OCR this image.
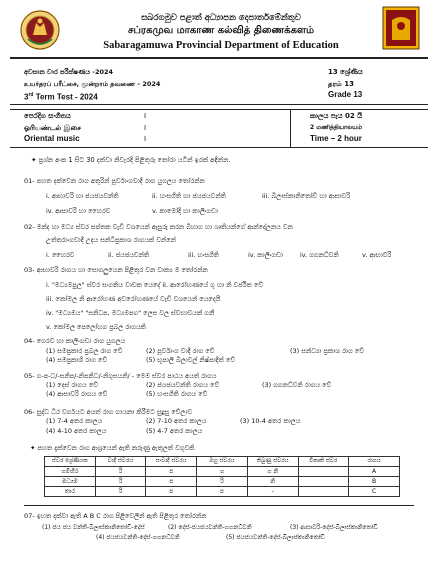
සබරගමුව පළාත් අධ්‍යාපන දෙපාර්තමේන්තුව
சப்ரகமுவ மாகாண கல்வித் திணைக்களம்
Sabaragamuwa Provincial Department of Education
අවසාන වාර පරීක්ෂණය -2024
உயர்தரப் பரீட்சை, மூன்றாம் தவணை - 2024
3rd Term Test - 2024
13 ශ්‍රේණිය
தரம் 13
Grade 13
පෙරදිග සංගීතය
ஓரியண்டல் இசை
Oriental music
I
I
I
කාලය පැය 02 යි
2 மணித்தியாலயம்
Time – 2 hour
✦ ප්‍රශ්න අංක 1 සිට 30 දක්වා නිවැරදි පිළිතුරු තෝරා යටින් ඉරක් අඳින්න.
01- පහත දක්වෙන රාග අතුරින් පූර්වාංගවාදී රාග යුගලය තෝරන්න
i. ආභාවරි හා ජයජයවන්ති	ii. හංසගීති හා ජයජයවන්ති	iii. බිලාස්කානිතෝඩි හා ආසාවරි
iv. ආසාවරි හා හෛරව	v. කාමෝදි හා කාලිංගඩා
02- මන්ද හා මධ්‍ය ස්වර සප්තක වැඩි වශයෙන් ඇසුරු කරන බිහාග හා ශ්‍රුතියන්ගේ ආන්දෝලනය වන
උත්තරාංගවාදී උදය සන්ධිප්‍රකාශ රාගයක් වන්නේ
i. හෛරව	ii. ජයජයවන්ති	iii. හංසගීති	iv. කාලිංගඩා	iv. ගගනධ්වනි	v. ආභාවරි
03- ආභාවරි රාගය හා සොගලුයෙන පිළිතුර වන වාක්‍ය ම තෝරන්න
i. "මධ්‍යමපුල" ස්වර සංගතිය වාචක යෙදේ ii. ආරෝහණයේ ගු හා නි වර්ජිත වේ
iii. කෝමල නි ආරෝහණ අවරෝහණයේ වැඩි වශයෙන් යෙදෙයි
iv. "මධ්‍යමය" "සනිධප, මධ්‍යමපග" ලෙස වල ස්වභාවයක් ගනී
v. කෝමල පෙලෝහග ප්‍රබල රාගයකි
04- ගෙරව හා කාලිංගඩා රාග යුගලය
(1) සමප්‍රකාර ප්‍රබල රාග වේ	(2) පූර්වාංග වාදී රාග වේ	(3) සන්ධ්‍යා ප්‍රකාශ රාග වේ
(4) සමප්‍රකාශි රාග වේ	(5) භූපාලි බිලාවල් නිෂ්පාදිත් වේ
05- ග-ප-ධ/-සනිප/-නිපනිධ/-නිගුසයනි/ - මෙම ස්වර පාඨය අයත් රාගය
(1) දෙස් රාගය වේ	(2) ජයජයවන්ති රාගය වේ	(3) ගගනධ්වනි රාගය වේ
(4) ආසාවරි රාගය වේ	(5) හංසගීති රාගය වේ
06- සුද්ධ ධීර වර්ගයට අයත් රාග ගායනා කිරීමට සුදුසු වේලාව
(1) 7-4 අතර කාලය	(2) 7-10 අතර කාලය	(3) 10-4 අතර කාලය
(4) 4-10 අතර කාලය	(5) 4-7 අතර කාලය
✦ පහත දැක්වෙන රාග ආශ්‍රයෙන් ඇති කරුණු ඇතුලත් වගුවකි
ස්වර ශ්‍රේණියක	වාදී ස්වරය	සංවාදී ස්වරය	ඔහු ස්වරය	තිබුණු ස්වරය	විකෘති ස්වර	රාගය
ගම්භීර	රි	ප	ග	ග නි		A
මධ්‍යම	රි	ප	රි	නි		B
තාර	රි	ප	ප	-		C
07- ඉහත දක්වා ඇති A B C රාග පිළිවෙලින් ඇති පිළිතුර තෝරන්න
(1) ජය ජය වන්ති-බිලාස්කානිතෝඩි-දේස්	(2) දේස්-ජයජයවන්ති-ගගනධ්වනි	(3) ආසාවරි-දේස්-බිලාස්කානිතෝඩි
(4) ජයජයවන්ති-දේස්-ගගනධ්වනි	(5) ජයජයවන්ති-දේස්-බිලාස්කානිතෝඩි
